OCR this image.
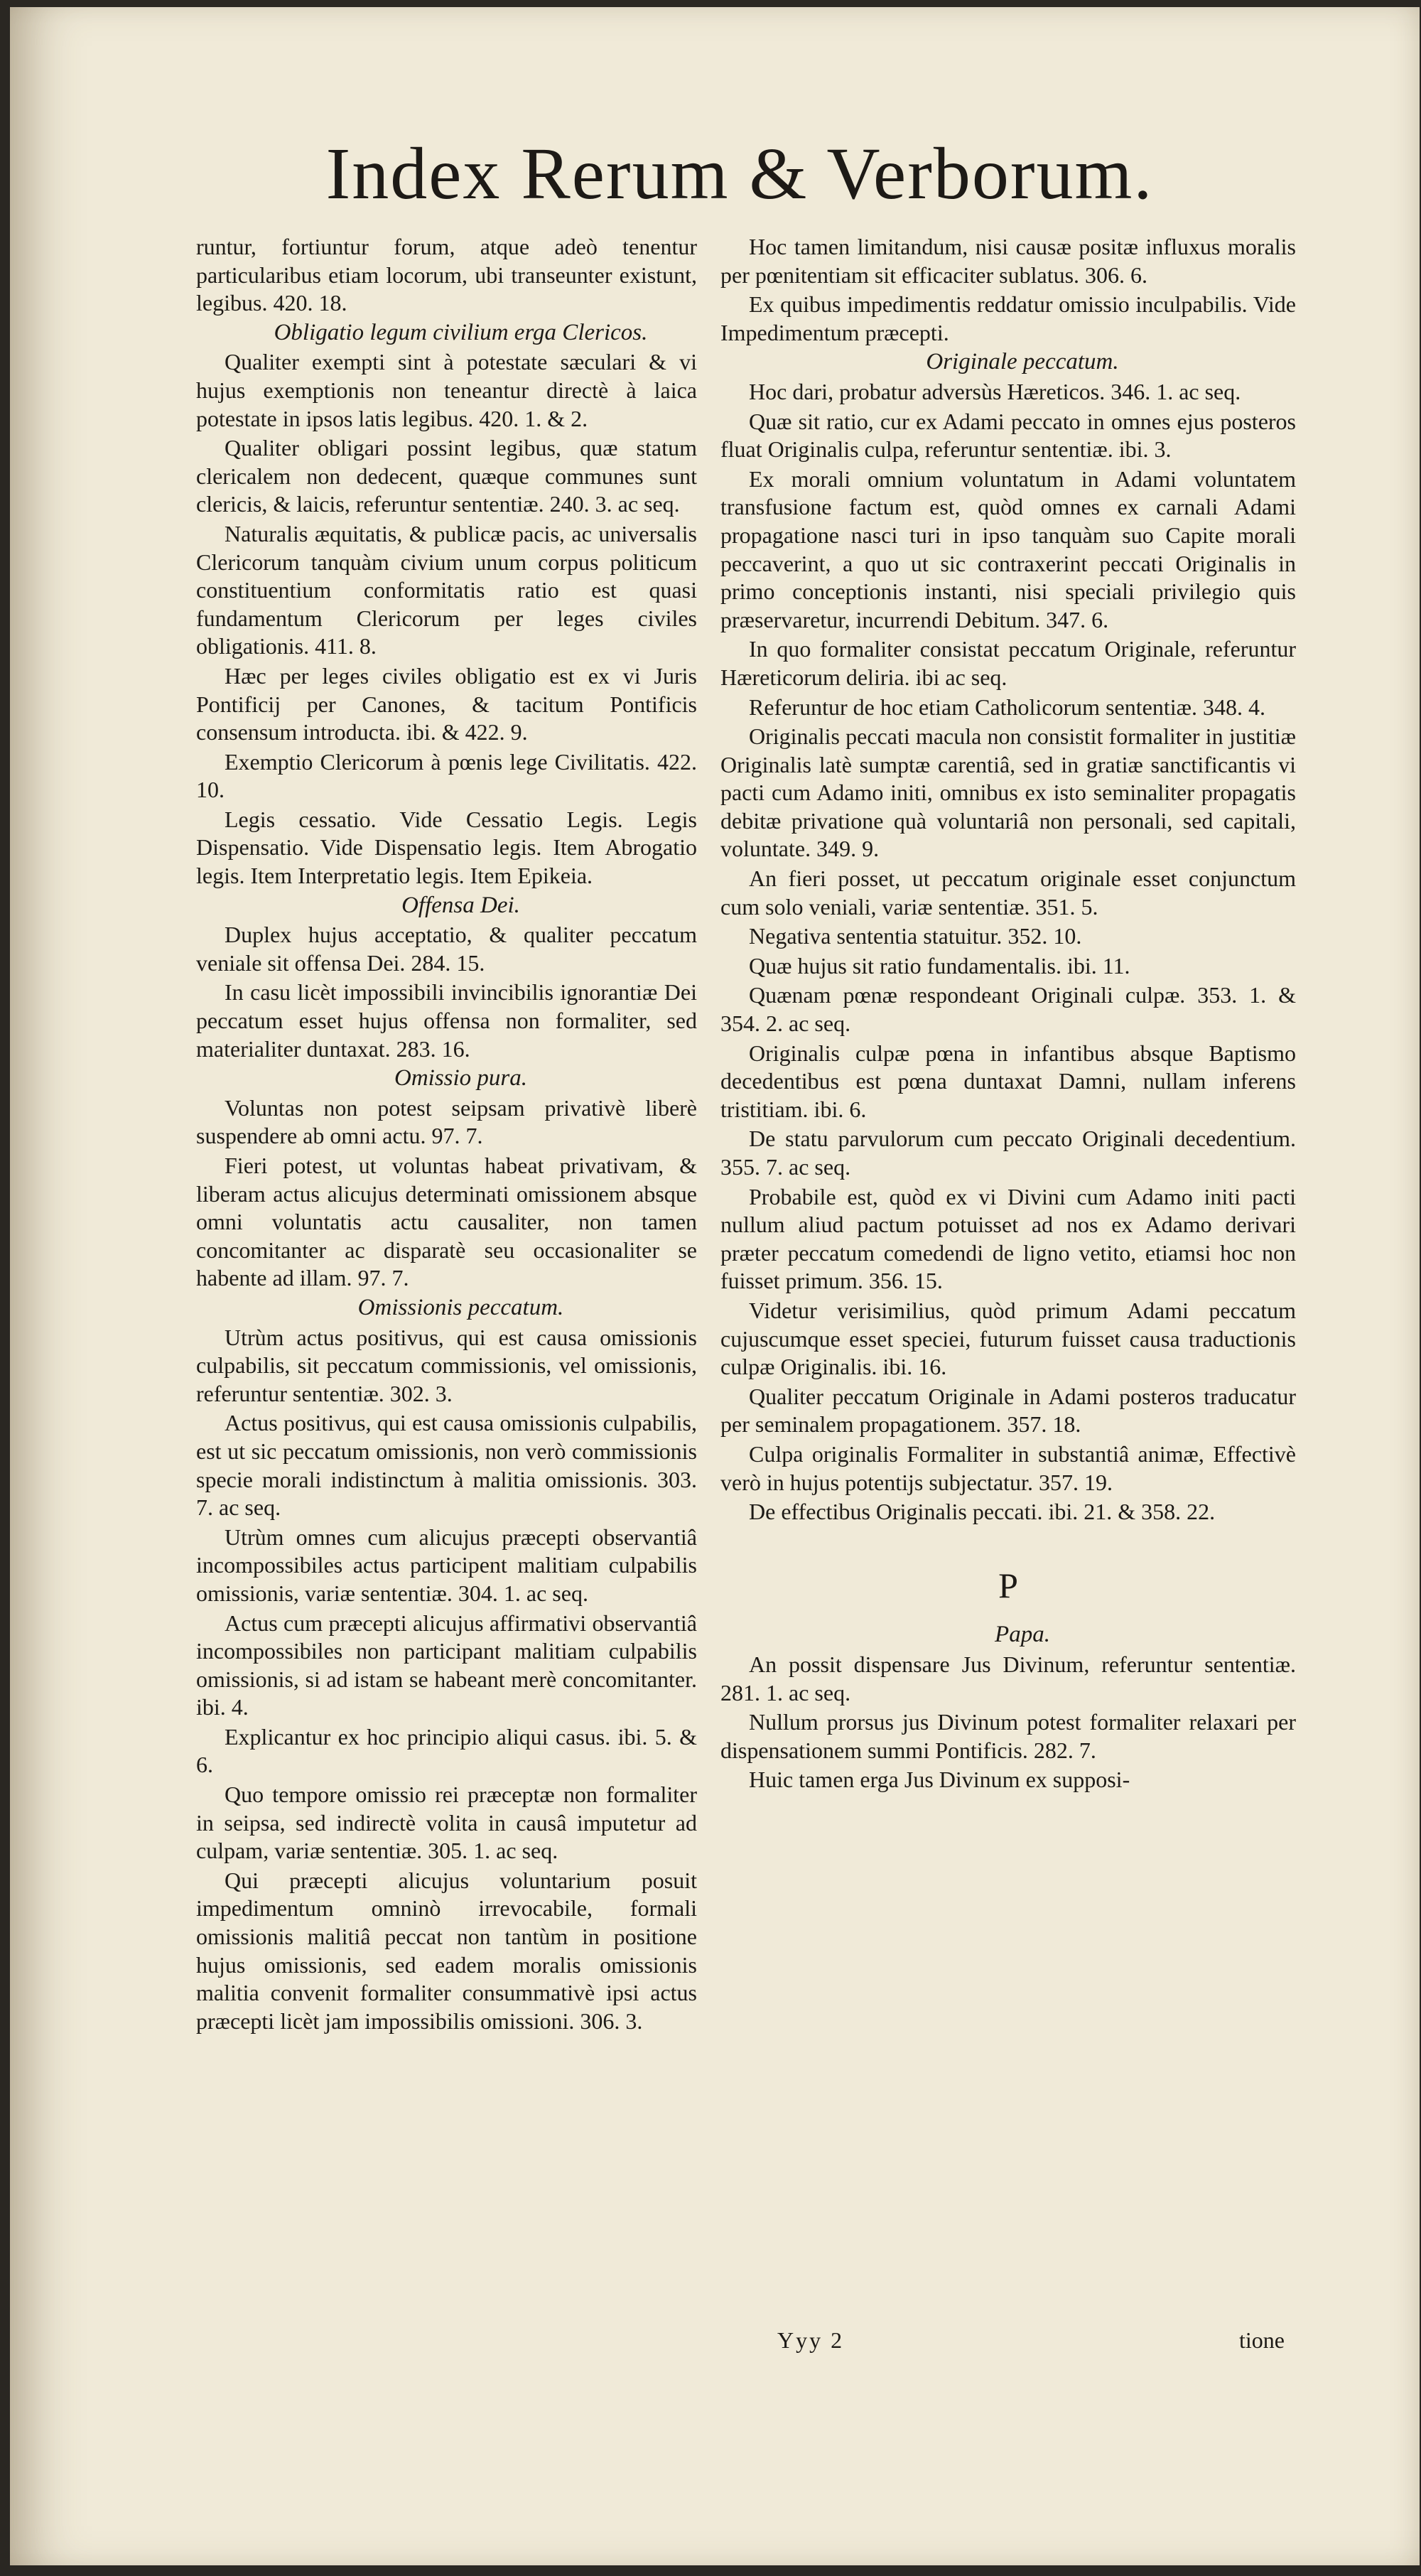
Index Rerum & Verborum.

runtur, fortiuntur forum, atque adeò tenentur particularibus etiam locorum, ubi transeunter existunt, legibus. 420. 18.

Obligatio legum civilium erga Clericos.

Qualiter exempti sint à potestate sæculari & vi hujus exemptionis non teneantur directè à laica potestate in ipsos latis legibus. 420. 1. & 2.

Qualiter obligari possint legibus, quæ statum clericalem non dedecent, quæque communes sunt clericis, & laicis, referuntur sententiæ. 240. 3. ac seq.

Naturalis æquitatis, & publicæ pacis, ac universalis Clericorum tanquàm civium unum corpus politicum constituentium conformitatis ratio est quasi fundamentum Clericorum per leges civiles obligationis. 411. 8.

Hæc per leges civiles obligatio est ex vi Juris Pontificij per Canones, & tacitum Pontificis consensum introducta. ibi. & 422. 9.

Exemptio Clericorum à pœnis lege Civilitatis. 422. 10.

Legis cessatio. Vide Cessatio Legis. Legis Dispensatio. Vide Dispensatio legis. Item Abrogatio legis. Item Interpretatio legis. Item Epikeia.

Offensa Dei.

Duplex hujus acceptatio, & qualiter peccatum veniale sit offensa Dei. 284. 15.

In casu licèt impossibili invincibilis ignorantiæ Dei peccatum esset hujus offensa non formaliter, sed materialiter duntaxat. 283. 16.

Omissio pura.

Voluntas non potest seipsam privativè liberè suspendere ab omni actu. 97. 7.

Fieri potest, ut voluntas habeat privativam, & liberam actus alicujus determinati omissionem absque omni voluntatis actu causaliter, non tamen concomitanter ac disparatè seu occasionaliter se habente ad illam. 97. 7.

Omissionis peccatum.

Utrùm actus positivus, qui est causa omissionis culpabilis, sit peccatum commissionis, vel omissionis, referuntur sententiæ. 302. 3.

Actus positivus, qui est causa omissionis culpabilis, est ut sic peccatum omissionis, non verò commissionis specie morali indistinctum à malitia omissionis. 303. 7. ac seq.

Utrùm omnes cum alicujus præcepti observantiâ incompossibiles actus participent malitiam culpabilis omissionis, variæ sententiæ. 304. 1. ac seq.

Actus cum præcepti alicujus affirmativi observantiâ incompossibiles non participant malitiam culpabilis omissionis, si ad istam se habeant merè concomitanter. ibi. 4.

Explicantur ex hoc principio aliqui casus. ibi. 5. & 6.

Quo tempore omissio rei præceptæ non formaliter in seipsa, sed indirectè volita in causâ imputetur ad culpam, variæ sententiæ. 305. 1. ac seq.

Qui præcepti alicujus voluntarium posuit impedimentum omninò irrevocabile, formali omissionis malitiâ peccat non tantùm in positione hujus omissionis, sed eadem moralis omissionis malitia convenit formaliter consummativè ipsi actus præcepti licèt jam impossibilis omissioni. 306. 3.

Hoc tamen limitandum, nisi causæ positæ influxus moralis per pœnitentiam sit efficaciter sublatus. 306. 6.

Ex quibus impedimentis reddatur omissio inculpabilis. Vide Impedimentum præcepti.

Originale peccatum.

Hoc dari, probatur adversùs Hæreticos. 346. 1. ac seq.

Quæ sit ratio, cur ex Adami peccato in omnes ejus posteros fluat Originalis culpa, referuntur sententiæ. ibi. 3.

Ex morali omnium voluntatum in Adami voluntatem transfusione factum est, quòd omnes ex carnali Adami propagatione nasci turi in ipso tanquàm suo Capite morali peccaverint, a quo ut sic contraxerint peccati Originalis in primo conceptionis instanti, nisi speciali privilegio quis præservaretur, incurrendi Debitum. 347. 6.

In quo formaliter consistat peccatum Originale, referuntur Hæreticorum deliria. ibi ac seq.

Referuntur de hoc etiam Catholicorum sententiæ. 348. 4.

Originalis peccati macula non consistit formaliter in justitiæ Originalis latè sumptæ carentiâ, sed in gratiæ sanctificantis vi pacti cum Adamo initi, omnibus ex isto seminaliter propagatis debitæ privatione quà voluntariâ non personali, sed capitali, voluntate. 349. 9.

An fieri posset, ut peccatum originale esset conjunctum cum solo veniali, variæ sententiæ. 351. 5.

Negativa sententia statuitur. 352. 10.

Quæ hujus sit ratio fundamentalis. ibi. 11.

Quænam pœnæ respondeant Originali culpæ. 353. 1. & 354. 2. ac seq.

Originalis culpæ pœna in infantibus absque Baptismo decedentibus est pœna duntaxat Damni, nullam inferens tristitiam. ibi. 6.

De statu parvulorum cum peccato Originali decedentium. 355. 7. ac seq.

Probabile est, quòd ex vi Divini cum Adamo initi pacti nullum aliud pactum potuisset ad nos ex Adamo derivari præter peccatum comedendi de ligno vetito, etiamsi hoc non fuisset primum. 356. 15.

Videtur verisimilius, quòd primum Adami peccatum cujuscumque esset speciei, futurum fuisset causa traductionis culpæ Originalis. ibi. 16.

Qualiter peccatum Originale in Adami posteros traducatur per seminalem propagationem. 357. 18.

Culpa originalis Formaliter in substantiâ animæ, Effectivè verò in hujus potentijs subjectatur. 357. 19.

De effectibus Originalis peccati. ibi. 21. & 358. 22.

P

Papa.

An possit dispensare Jus Divinum, referuntur sententiæ. 281. 1. ac seq.

Nullum prorsus jus Divinum potest formaliter relaxari per dispensationem summi Pontificis. 282. 7.

Huic tamen erga Jus Divinum ex supposi-

Yyy 2	tione
